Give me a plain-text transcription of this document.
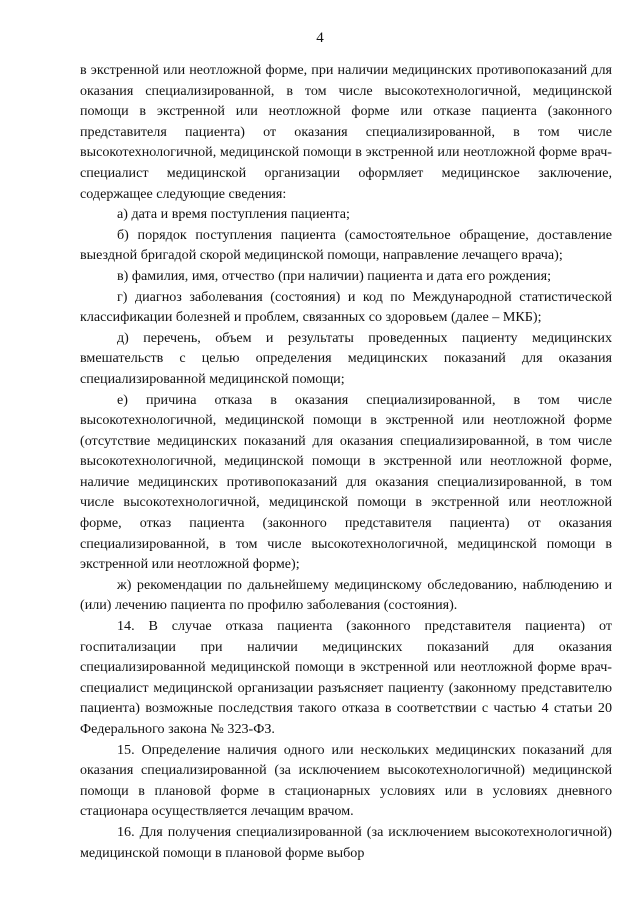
4

в экстренной или неотложной форме, при наличии медицинских противопоказаний для оказания специализированной, в том числе высокотехнологичной, медицинской помощи в экстренной или неотложной форме или отказе пациента (законного представителя пациента) от оказания специализированной, в том числе высокотехнологичной, медицинской помощи в экстренной или неотложной форме врач-специалист медицинской организации оформляет медицинское заключение, содержащее следующие сведения:

а) дата и время поступления пациента;

б) порядок поступления пациента (самостоятельное обращение, доставление выездной бригадой скорой медицинской помощи, направление лечащего врача);

в) фамилия, имя, отчество (при наличии) пациента и дата его рождения;

г) диагноз заболевания (состояния) и код по Международной статистической классификации болезней и проблем, связанных со здоровьем (далее – МКБ);

д) перечень, объем и результаты проведенных пациенту медицинских вмешательств с целью определения медицинских показаний для оказания специализированной медицинской помощи;

е) причина отказа в оказания специализированной, в том числе высокотехнологичной, медицинской помощи в экстренной или неотложной форме (отсутствие медицинских показаний для оказания специализированной, в том числе высокотехнологичной, медицинской помощи в экстренной или неотложной форме, наличие медицинских противопоказаний для оказания специализированной, в том числе высокотехнологичной, медицинской помощи в экстренной или неотложной форме, отказ пациента (законного представителя пациента) от оказания специализированной, в том числе высокотехнологичной, медицинской помощи в экстренной или неотложной форме);

ж) рекомендации по дальнейшему медицинскому обследованию, наблюдению и (или) лечению пациента по профилю заболевания (состояния).

14. В случае отказа пациента (законного представителя пациента) от госпитализации при наличии медицинских показаний для оказания специализированной медицинской помощи в экстренной или неотложной форме врач-специалист медицинской организации разъясняет пациенту (законному представителю пациента) возможные последствия такого отказа в соответствии с частью 4 статьи 20 Федерального закона № 323-ФЗ.

15. Определение наличия одного или нескольких медицинских показаний для оказания специализированной (за исключением высокотехнологичной) медицинской помощи в плановой форме в стационарных условиях или в условиях дневного стационара осуществляется лечащим врачом.

16. Для получения специализированной (за исключением высокотехнологичной) медицинской помощи в плановой форме выбор
